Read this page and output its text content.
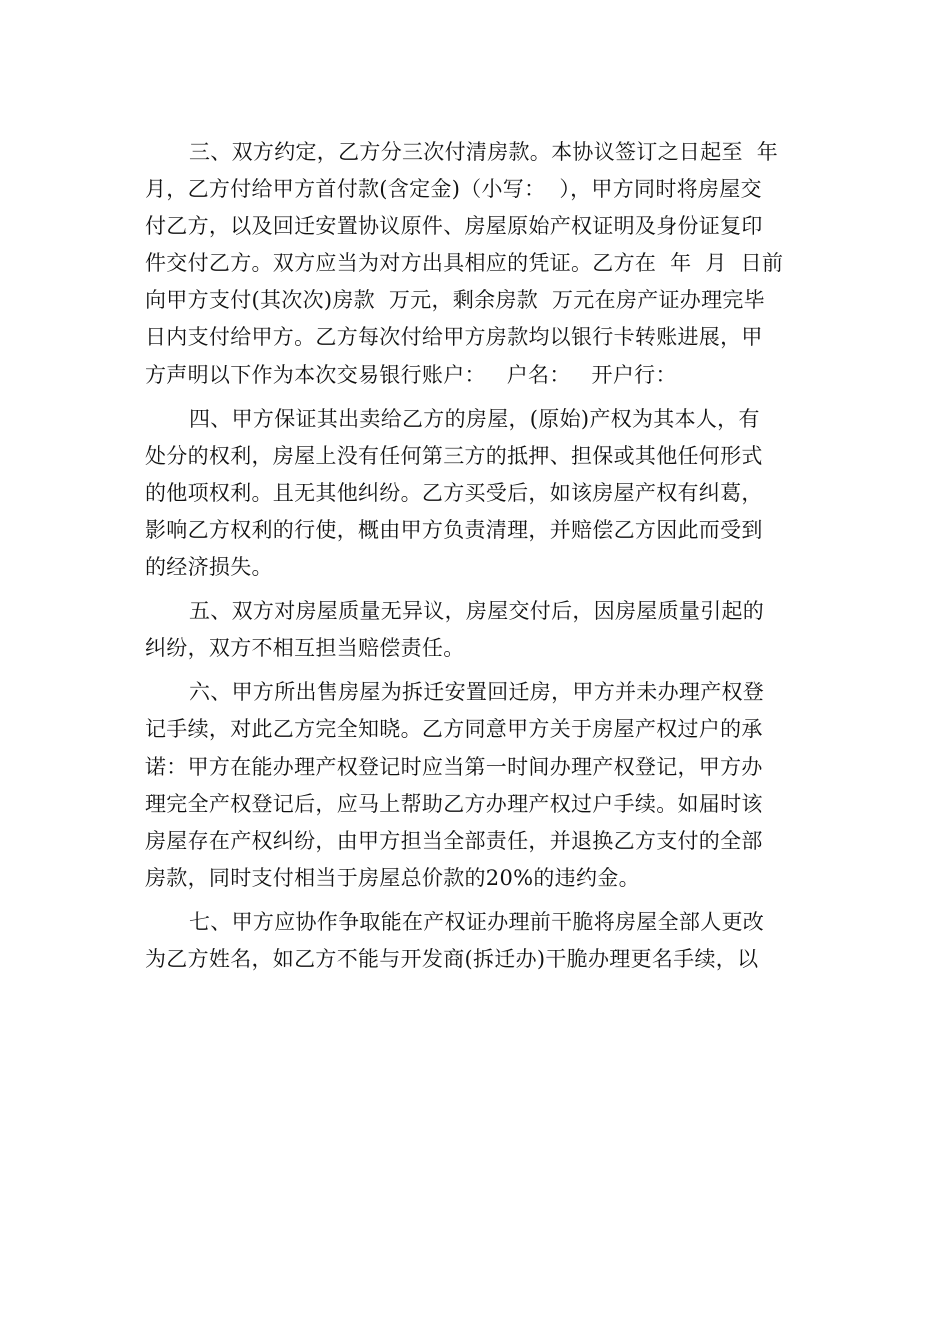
三、双方约定，乙方分三次付清房款。本协议签订之日起至  年
月，乙方付给甲方首付款(含定金)（小写：  ），甲方同时将房屋交
付乙方，以及回迁安置协议原件、房屋原始产权证明及身份证复印
件交付乙方。双方应当为对方出具相应的凭证。乙方在  年  月  日前
向甲方支付(其次次)房款  万元，剩余房款  万元在房产证办理完毕
日内支付给甲方。乙方每次付给甲方房款均以银行卡转账进展，甲
方声明以下作为本次交易银行账户：   户名：   开户行：
四、甲方保证其出卖给乙方的房屋，(原始)产权为其本人，有
处分的权利，房屋上没有任何第三方的抵押、担保或其他任何形式
的他项权利。且无其他纠纷。乙方买受后，如该房屋产权有纠葛，
影响乙方权利的行使，概由甲方负责清理，并赔偿乙方因此而受到
的经济损失。
五、双方对房屋质量无异议，房屋交付后，因房屋质量引起的
纠纷，双方不相互担当赔偿责任。
六、甲方所出售房屋为拆迁安置回迁房，甲方并未办理产权登
记手续，对此乙方完全知晓。乙方同意甲方关于房屋产权过户的承
诺：甲方在能办理产权登记时应当第一时间办理产权登记，甲方办
理完全产权登记后，应马上帮助乙方办理产权过户手续。如届时该
房屋存在产权纠纷，由甲方担当全部责任，并退换乙方支付的全部
房款，同时支付相当于房屋总价款的20%的违约金。
七、甲方应协作争取能在产权证办理前干脆将房屋全部人更改
为乙方姓名，如乙方不能与开发商(拆迁办)干脆办理更名手续，以
